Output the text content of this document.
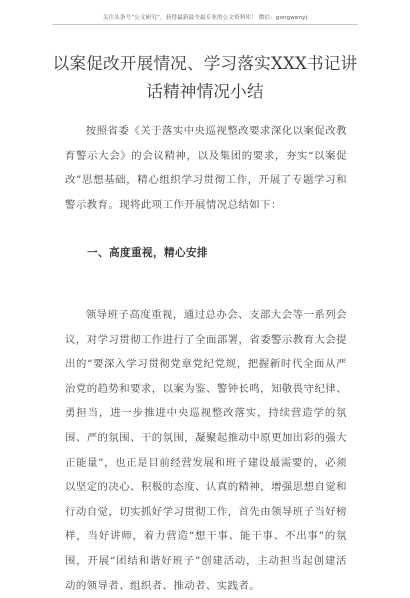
关注头条号“公文研究”，获得最新最全最专业的公文资料库！ 微信：gongwenyj
以案促改开展情况、学习落实XXX书记讲
话精神情况小结
按照省委《关于落实中央巡视整改要求深化以案促改教育警示大会》的会议精神，以及集团的要求，夯实“以案促改”思想基础，精心组织学习贯彻工作，开展了专题学习和警示教育。现将此项工作开展情况总结如下：
一、高度重视，精心安排
领导班子高度重视，通过总办会、支部大会等一系列会议，对学习贯彻工作进行了全面部署，省委警示教育大会提出的“要深入学习贯彻党章党纪党规，把握新时代全面从严治党的趋势和要求，以案为鉴、警钟长鸣，知敬畏守纪律、勇担当，进一步推进中央巡视整改落实，持续营造学的氛围、严的氛围、干的氛围，凝聚起推动中原更加出彩的强大正能量”，也正是目前经营发展和班子建设最需要的，必须以坚定的决心、积极的态度、认真的精神，增强思想自觉和行动自觉，切实抓好学习贯彻工作，首先由领导班子当好榜样，当好讲师，着力营造“想干事、能干事、不出事”的氛围，开展“团结和谐好班子”创建活动，主动担当起创建活动的领导者、组织者、推动者、实践者。
